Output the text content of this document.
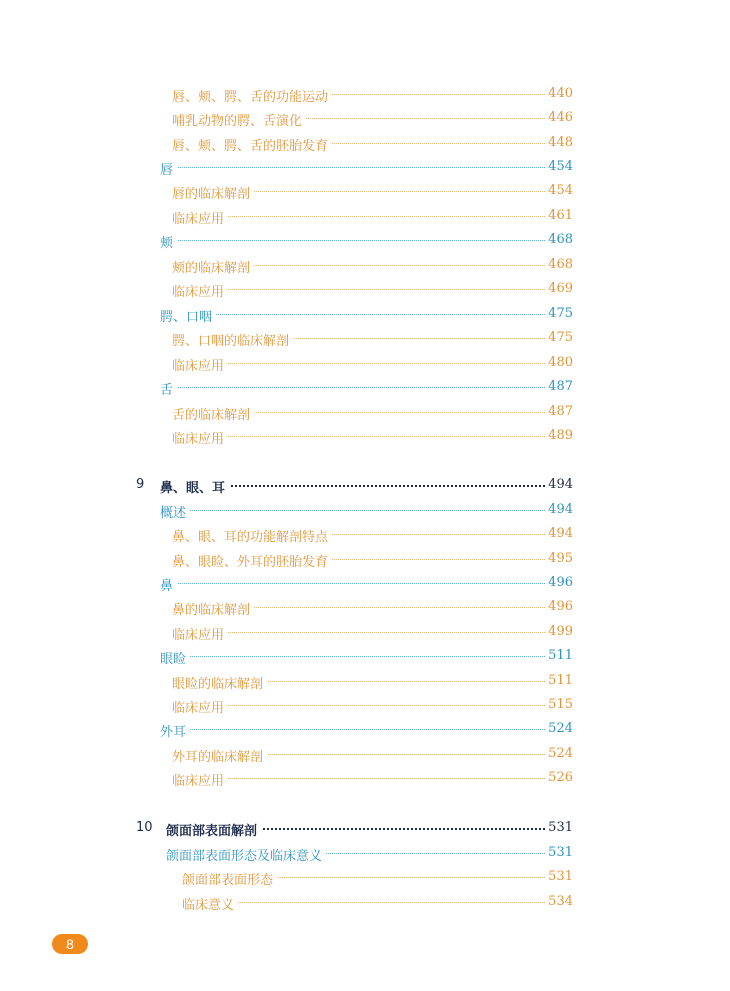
唇、颊、腭、舌的功能运动	440
哺乳动物的腭、舌演化	446
唇、颊、腭、舌的胚胎发育	448
唇	454
唇的临床解剖	454
临床应用	461
颊	468
颊的临床解剖	468
临床应用	469
腭、口咽	475
腭、口咽的临床解剖	475
临床应用	480
舌	487
舌的临床解剖	487
临床应用	489
9 鼻、眼、耳	494
概述	494
鼻、眼、耳的功能解剖特点	494
鼻、眼睑、外耳的胚胎发育	495
鼻	496
鼻的临床解剖	496
临床应用	499
眼睑	511
眼睑的临床解剖	511
临床应用	515
外耳	524
外耳的临床解剖	524
临床应用	526
10 颌面部表面解剖	531
颌面部表面形态及临床意义	531
颌面部表面形态	531
临床意义	534
8
